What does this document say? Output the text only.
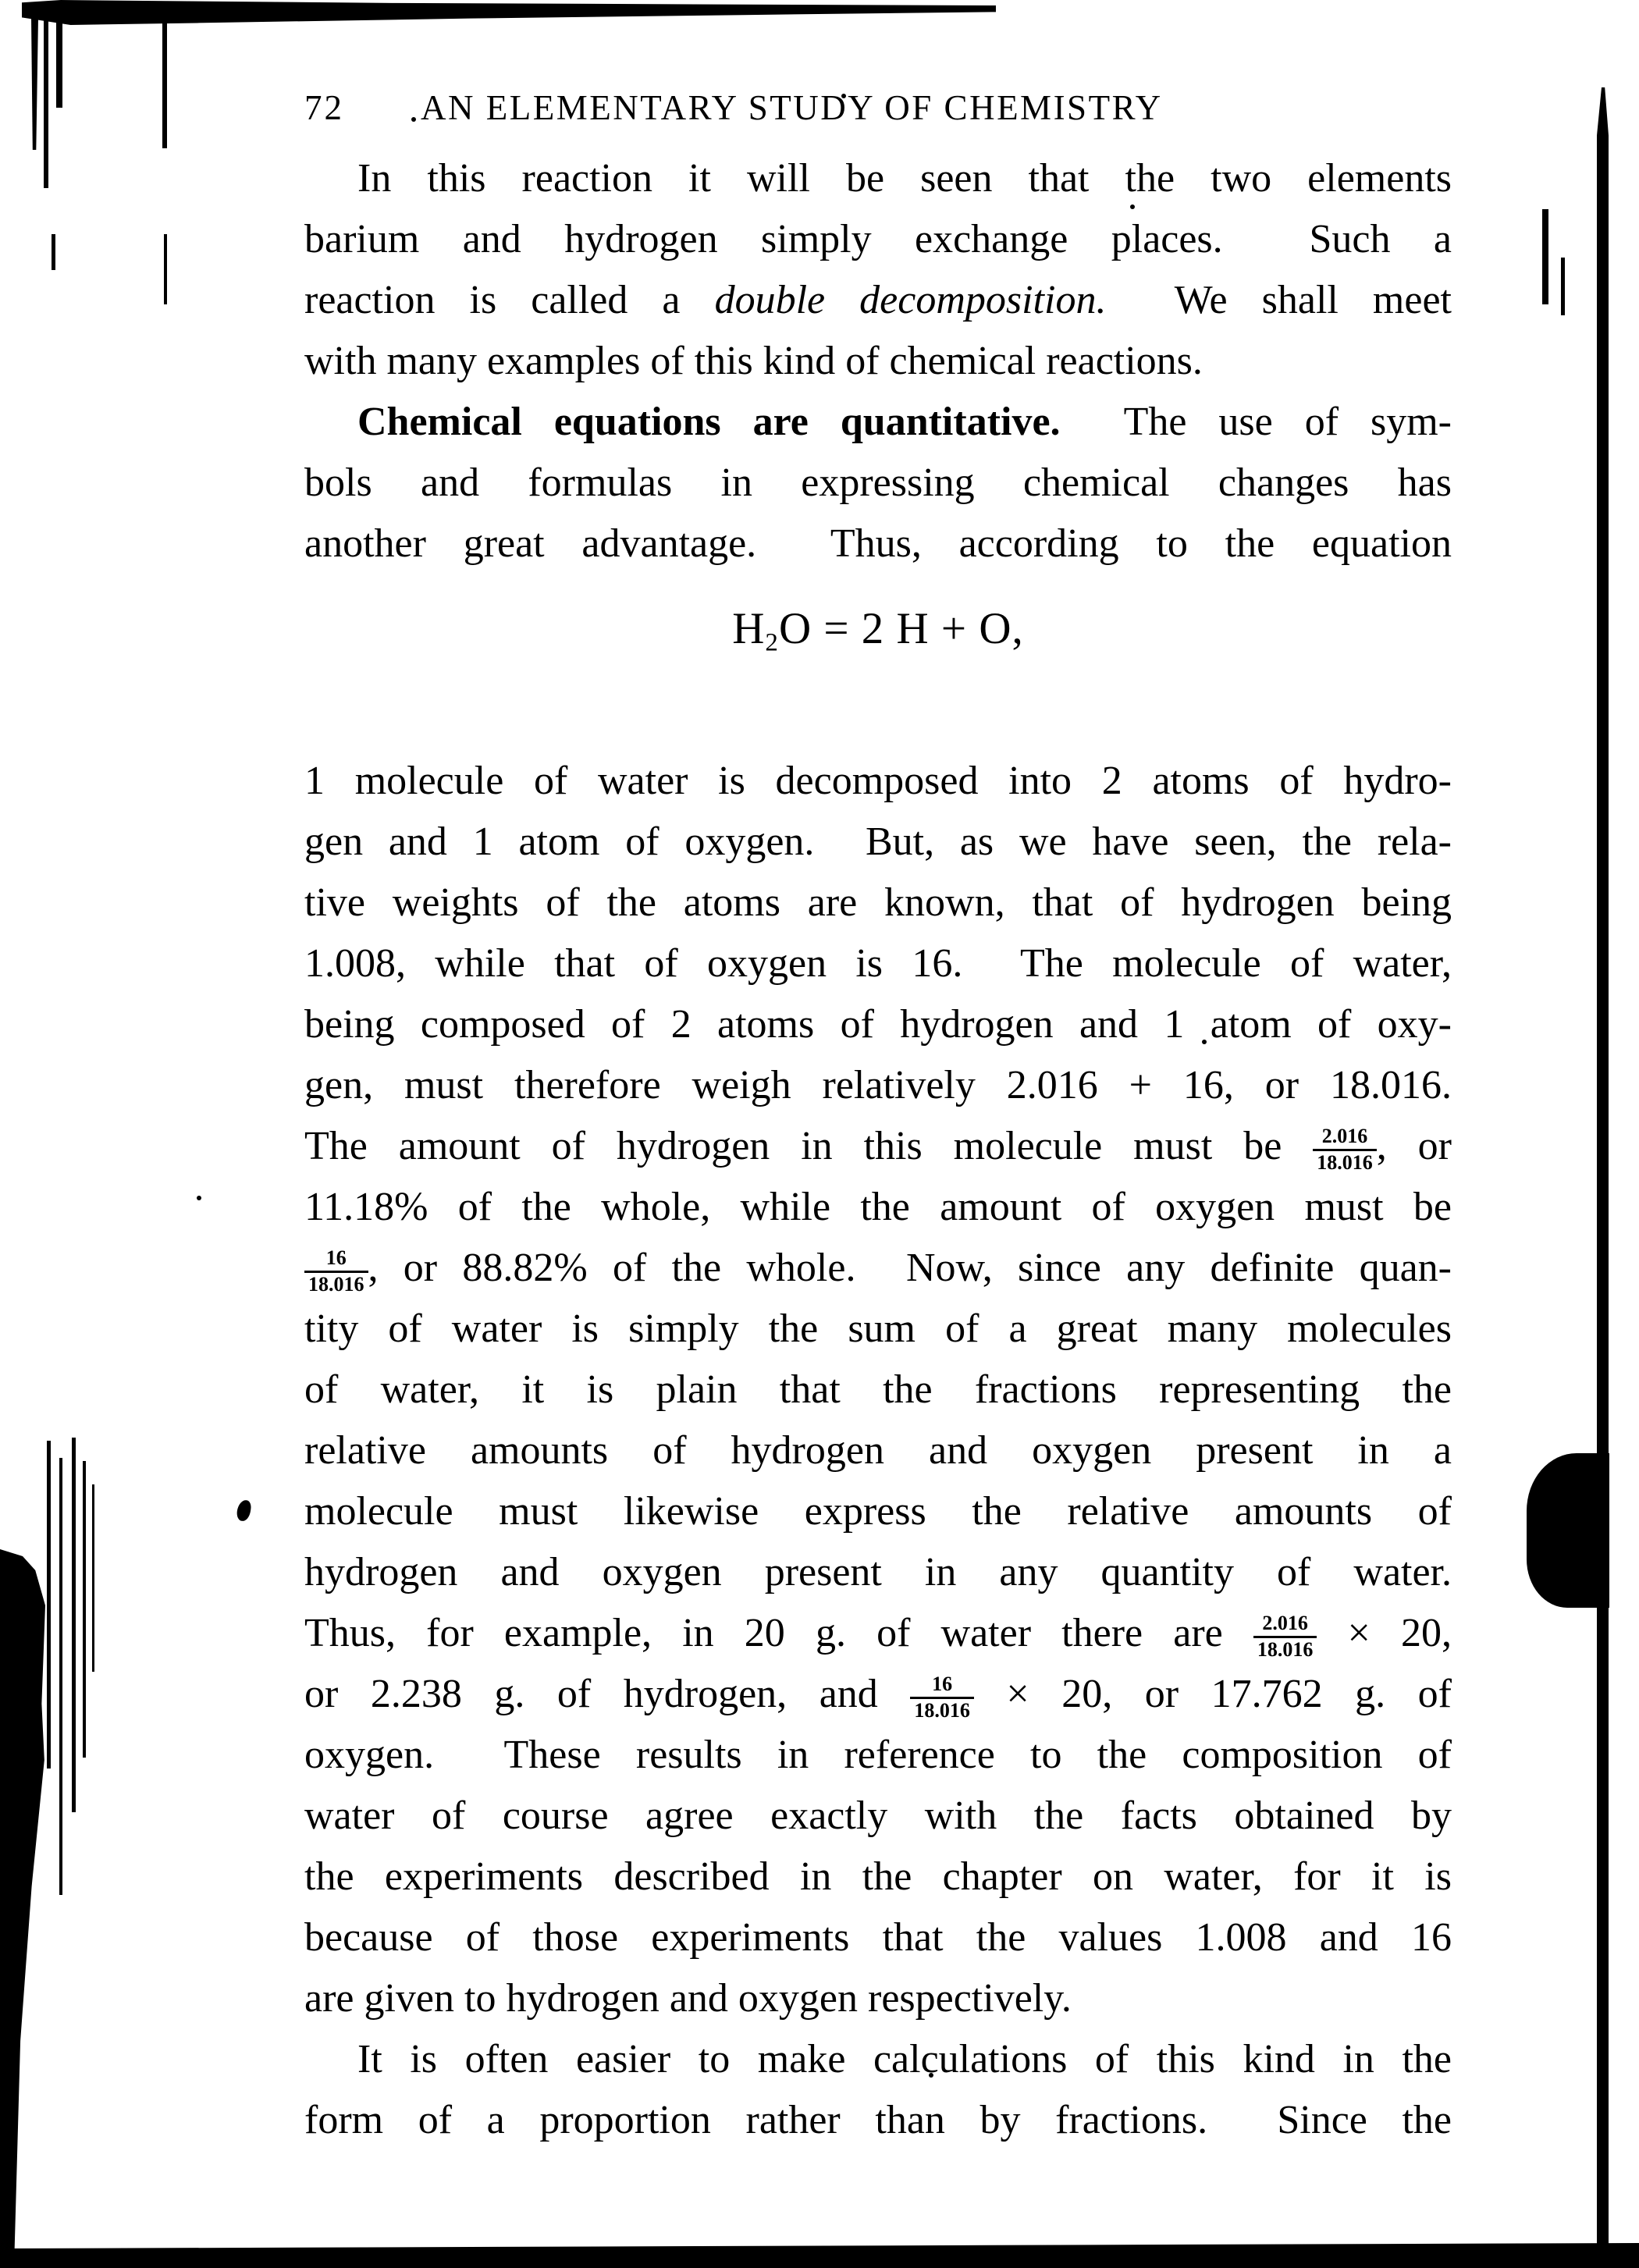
72 AN ELEMENTARY STUDY OF CHEMISTRY
In this reaction it will be seen that the two elements
barium and hydrogen simply exchange places.  Such a
reaction is called a double decomposition.  We shall meet
with many examples of this kind of chemical reactions.
Chemical equations are quantitative.  The use of sym-
bols and formulas in expressing chemical changes has
another great advantage.  Thus, according to the equation
$H_2O = 2$ H + O,
1 molecule of water is decomposed into 2 atoms of hydro-
gen and 1 atom of oxygen.  But, as we have seen, the rela-
tive weights of the atoms are known, that of hydrogen being
1.008, while that of oxygen is 16.  The molecule of water,
being composed of 2 atoms of hydrogen and 1 atom of oxy-
gen, must therefore weigh relatively 2.016 + 16, or 18.016.
The amount of hydrogen in this molecule must be $\frac{2.016}{18.016}$ , or
11.18% of the whole, while the amount of oxygen must be
$\frac{16}{18.016}$ , or 88.82% of the whole.  Now, since any definite quan-
tity of water is simply the sum of a great many molecules
of water, it is plain that the fractions representing the
relative amounts of hydrogen and oxygen present in a
molecule must likewise express the relative amounts of
hydrogen and oxygen present in any quantity of water.
Thus, for example, in 20 g. of water there are $\frac{2.016}{18.016} \times 20$,
or 2.238 g. of hydrogen, and $\frac{16}{18.016} \times 20$, or 17.762 g. of
oxygen.  These results in reference to the composition of
water of course agree exactly with the facts obtained by
the experiments described in the chapter on water, for it is
because of those experiments that the values 1.008 and 16
are given to hydrogen and oxygen respectively.
It is often easier to make calculations of this kind in the
form of a proportion rather than by fractions.  Since the
